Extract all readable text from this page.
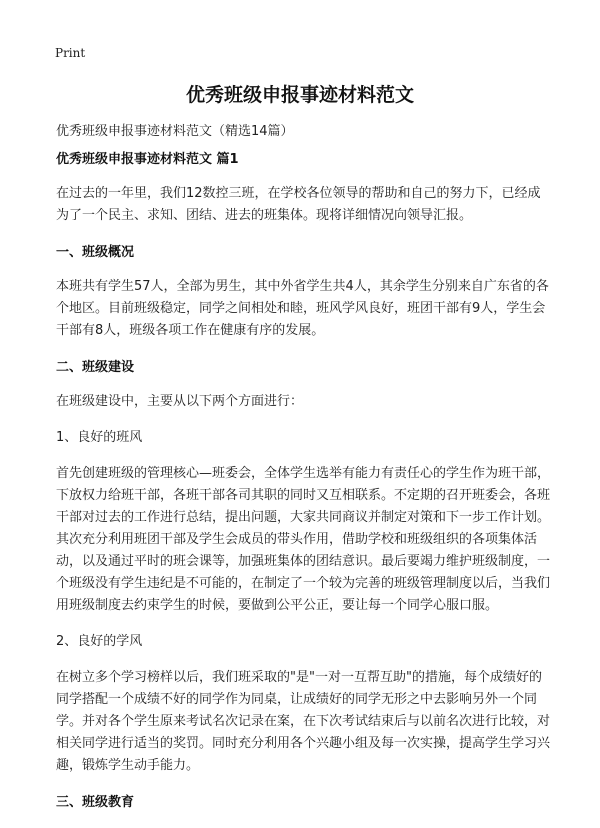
Print
优秀班级申报事迹材料范文

优秀班级申报事迹材料范文（精选14篇）

优秀班级申报事迹材料范文 篇1

在过去的一年里，我们12数控三班，在学校各位领导的帮助和自己的努力下，已经成为了一个民主、求知、团结、进去的班集体。现将详细情况向领导汇报。

一、班级概况

本班共有学生57人，全部为男生，其中外省学生共4人，其余学生分别来自广东省的各个地区。目前班级稳定，同学之间相处和睦，班风学风良好，班团干部有9人，学生会干部有8人，班级各项工作在健康有序的发展。

二、班级建设

在班级建设中，主要从以下两个方面进行：

1、良好的班风

首先创建班级的管理核心—班委会，全体学生选举有能力有责任心的学生作为班干部，下放权力给班干部，各班干部各司其职的同时又互相联系。不定期的召开班委会，各班干部对过去的工作进行总结，提出问题，大家共同商议并制定对策和下一步工作计划。其次充分利用班团干部及学生会成员的带头作用，借助学校和班级组织的各项集体活动，以及通过平时的班会课等，加强班集体的团结意识。最后要竭力维护班级制度，一个班级没有学生违纪是不可能的，在制定了一个较为完善的班级管理制度以后，当我们用班级制度去约束学生的时候，要做到公平公正，要让每一个同学心服口服。

2、良好的学风

在树立多个学习榜样以后，我们班采取的"是"一对一互帮互助"的措施，每个成绩好的同学搭配一个成绩不好的同学作为同桌，让成绩好的同学无形之中去影响另外一个同学。并对各个学生原来考试名次记录在案，在下次考试结束后与以前名次进行比较，对相关同学进行适当的奖罚。同时充分利用各个兴趣小组及每一次实操，提高学生学习兴趣，锻炼学生动手能力。

三、班级教育
